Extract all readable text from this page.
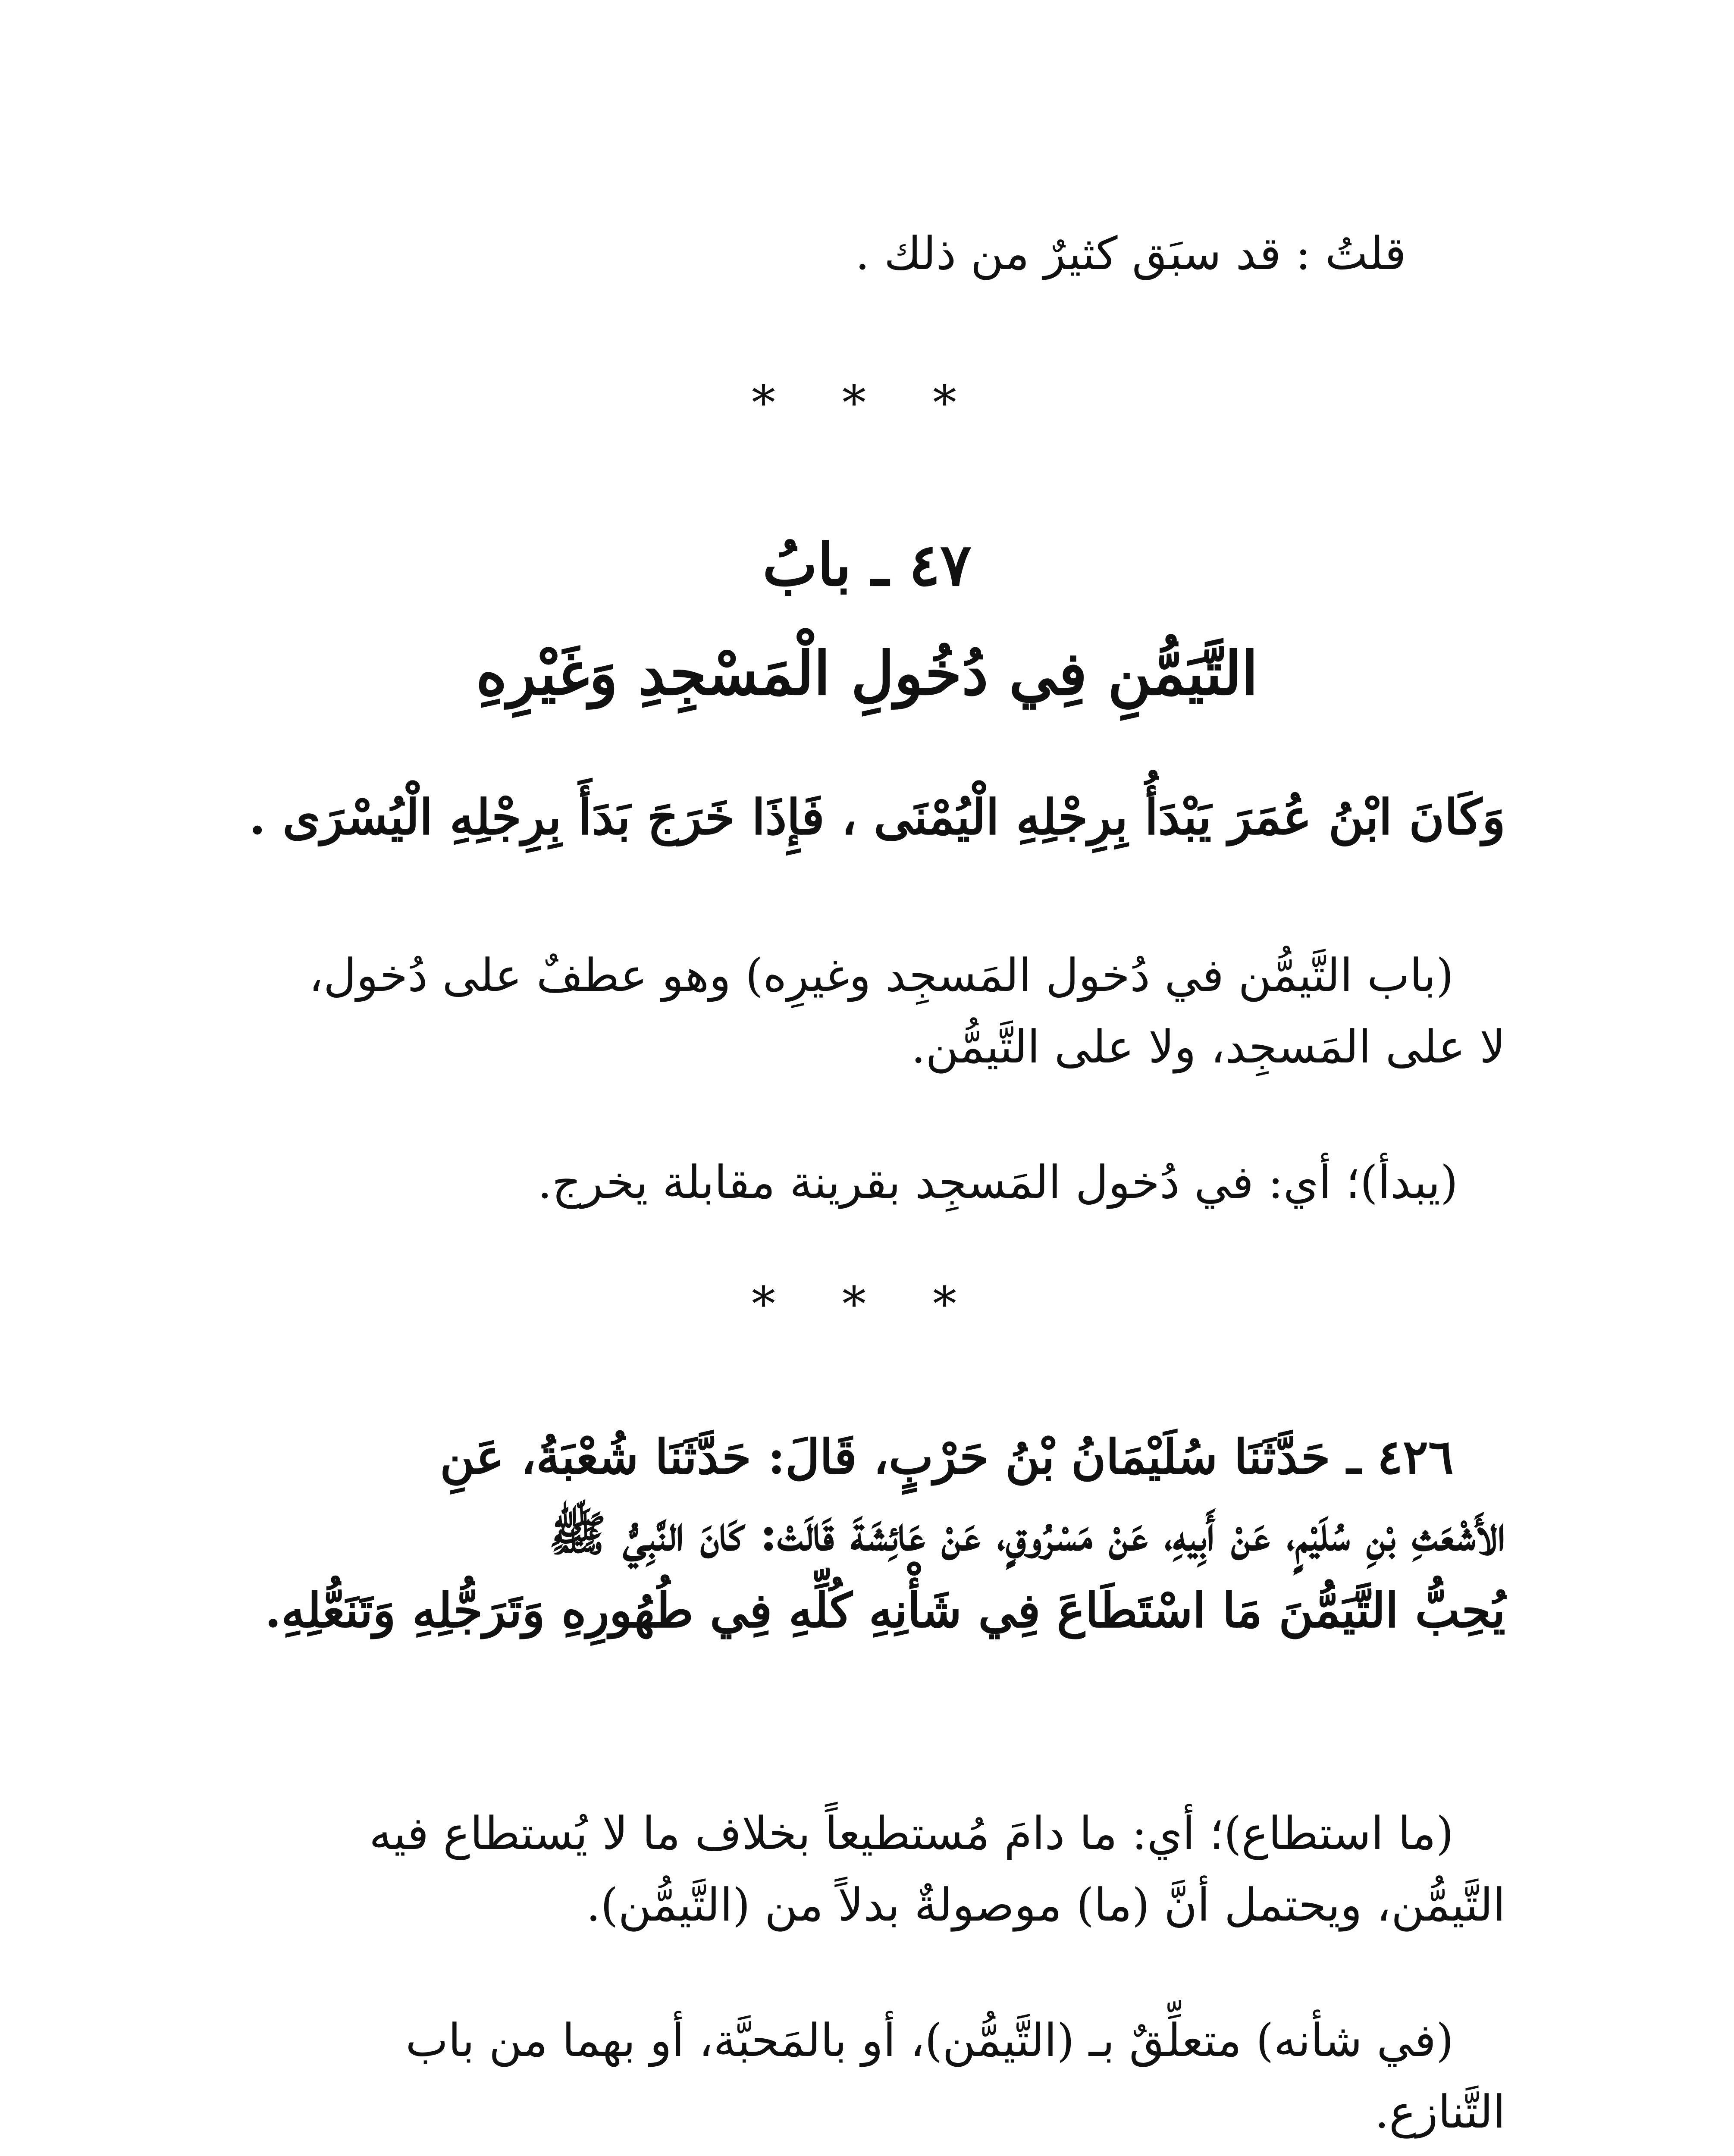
قلتُ : قد سبَق كثيرٌ من ذلك .
* * *
٤٧ ـ بابُ
التَّيَمُّنِ فِي دُخُولِ الْمَسْجِدِ وَغَيْرِهِ

وَكَانَ ابْنُ عُمَرَ يَبْدَأُ بِرِجْلِهِ الْيُمْنَى ، فَإِذَا خَرَجَ بَدَأَ بِرِجْلِهِ الْيُسْرَى .

(باب التَّيمُّن في دُخول المَسجِد وغيرِه) وهو عطفٌ على دُخول،

لا على المَسجِد، ولا على التَّيمُّن.

(يبدأ)؛ أي: في دُخول المَسجِد بقرينة مقابلة يخرج.

* * *

٤٢٦ ـ حَدَّثَنَا سُلَيْمَانُ بْنُ حَرْبٍ، قَالَ: حَدَّثَنَا شُعْبَةُ، عَنِ

الأَشْعَثِ بْنِ سُلَيْمٍ، عَنْ أَبِيهِ، عَنْ مَسْرُوقٍ، عَنْ عَائِشَةَ قَالَتْ: كَانَ النَّبِيُّ ﷺ

يُحِبُّ التَّيَمُّنَ مَا اسْتَطَاعَ فِي شَأْنِهِ كُلِّهِ فِي طُهُورِهِ وَتَرَجُّلِهِ وَتَنَعُّلِهِ.

(ما استطاع)؛ أي: ما دامَ مُستطيعاً بخلاف ما لا يُستطاع فيه

التَّيمُّن، ويحتمل أنَّ (ما) موصولةٌ بدلاً من (التَّيمُّن).

(في شأنه) متعلِّقٌ بـ (التَّيمُّن)، أو بالمَحبَّة، أو بهما من باب

التَّنازع.
